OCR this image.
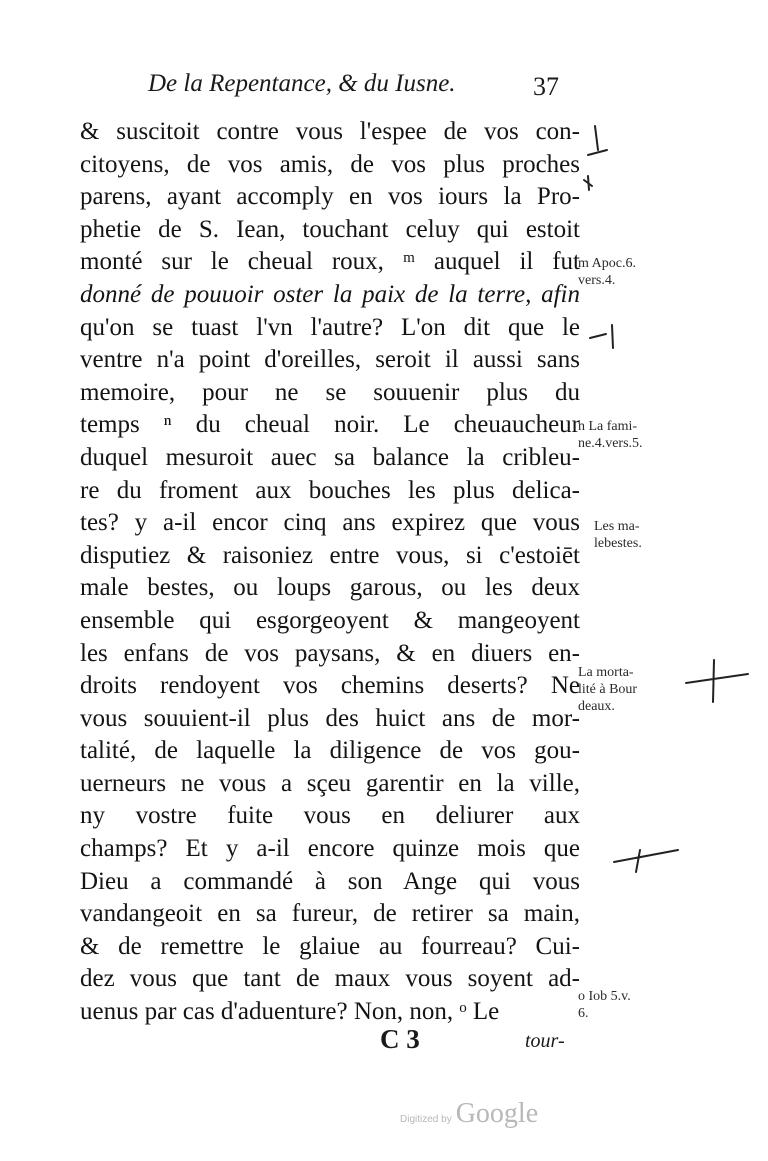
De la Repentance, & du Iusne.	37
& suscitoit contre vous l'espee de vos con-
citoyens, de vos amis, de vos plus proches
parens, ayant accomply en vos iours la Pro-
phetie de S. Iean, touchant celuy qui estoit
monté sur le cheual roux, ᵐ auquel il fut
donné de pouuoir oster la paix de la terre, afin
qu'on se tuast l'vn l'autre? L'on dit que le
ventre n'a point d'oreilles, seroit il aussi sans
memoire, pour ne se souuenir plus du
temps ⁿ du cheual noir. Le cheuaucheur
duquel mesuroit auec sa balance la cribleu-
re du froment aux bouches les plus delica-
tes? y a-il encor cinq ans expirez que vous
disputiez & raisoniez entre vous, si c'estoiēt
male bestes, ou loups garous, ou les deux
ensemble qui esgorgeoyent & mangeoyent
les enfans de vos paysans, & en diuers en-
droits rendoyent vos chemins deserts? Ne
vous souuient-il plus des huict ans de mor-
talité, de laquelle la diligence de vos gou-
uerneurs ne vous a sçeu garentir en la ville,
ny vostre fuite vous en deliurer aux
champs? Et y a-il encore quinze mois que
Dieu a commandé à son Ange qui vous
vandangeoit en sa fureur, de retirer sa main,
& de remettre le glaiue au fourreau? Cui-
dez vous que tant de maux vous soyent ad-
uenus par cas d'aduenture? Non, non, ᵒ Le
m Apoc.6.
vers.4.
n La fami-
ne.4.vers.5.
Les ma-
lebestes.
La morta-
lité à Bour
deaux.
o Iob 5.v.
6.
C 3	tour-
Digitized by Google
